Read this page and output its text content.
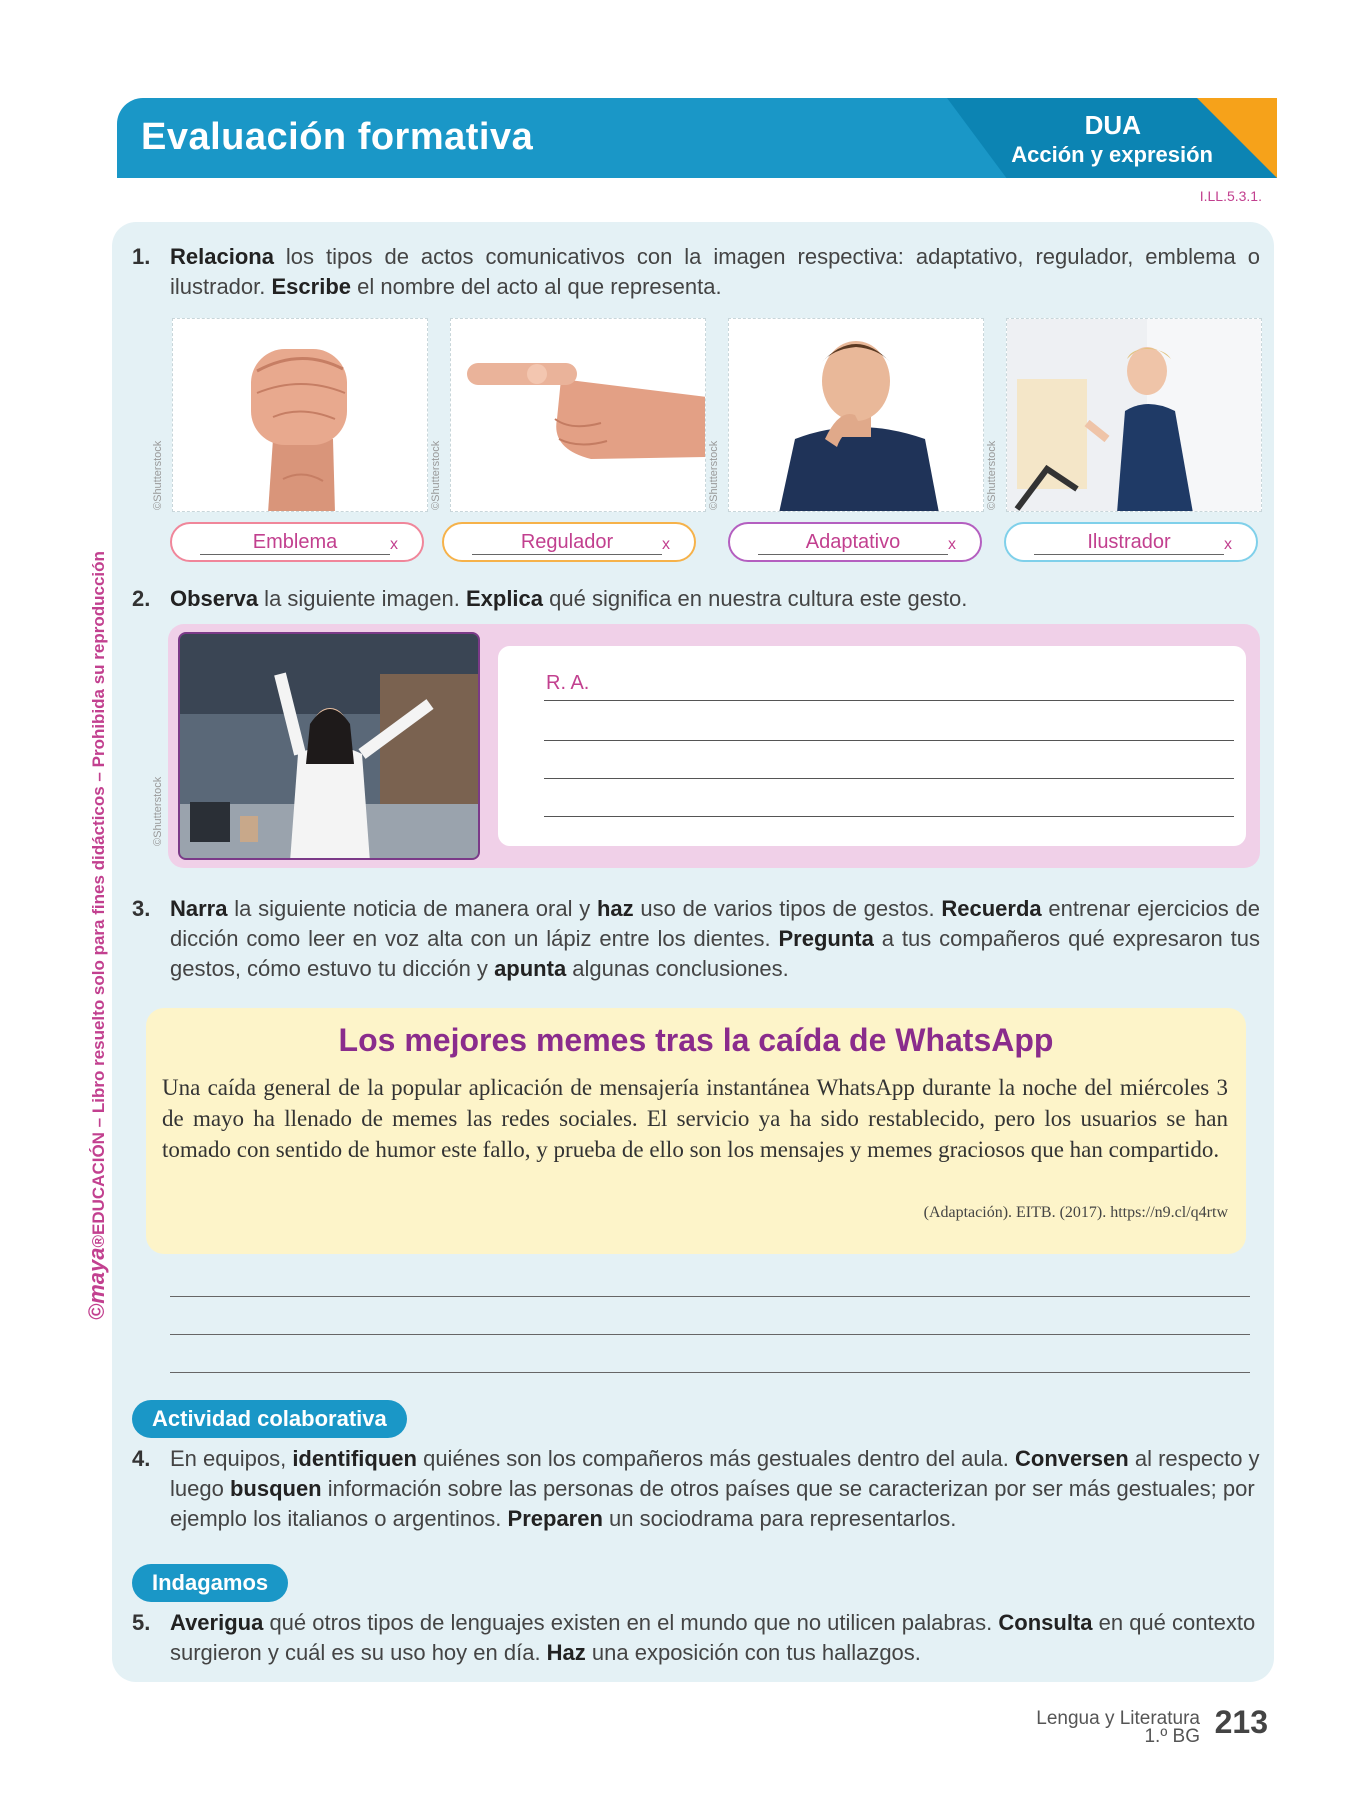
Evaluación formativa	DUA
Acción y expresión
I.LL.5.3.1.
©maya®EDUCACIÓN – Libro resuelto solo para fines didácticos – Prohibida su reproducción
1. Relaciona los tipos de actos comunicativos con la imagen respectiva: adaptativo, regulador, emblema o ilustrador. Escribe el nombre del acto al que representa.
©Shutterstock	©Shutterstock	©Shutterstock	©Shutterstock
Emblema	x	Regulador	x	Adaptativo	x	Ilustrador	x
2. Observa la siguiente imagen. Explica qué significa en nuestra cultura este gesto.
R. A.
©Shutterstock
3. Narra la siguiente noticia de manera oral y haz uso de varios tipos de gestos. Recuerda entrenar ejercicios de dicción como leer en voz alta con un lápiz entre los dientes. Pregunta a tus compañeros qué expresaron tus gestos, cómo estuvo tu dicción y apunta algunas conclusiones.
Los mejores memes tras la caída de WhatsApp
Una caída general de la popular aplicación de mensajería instantánea WhatsApp durante la noche del miércoles 3 de mayo ha llenado de memes las redes sociales. El servicio ya ha sido restablecido, pero los usuarios se han tomado con sentido de humor este fallo, y prueba de ello son los mensajes y memes graciosos que han compartido.
(Adaptación). EITB. (2017). https://n9.cl/q4rtw
Actividad colaborativa
4. En equipos, identifiquen quiénes son los compañeros más gestuales dentro del aula. Conversen al respecto y luego busquen información sobre las personas de otros países que se caracterizan por ser más gestuales; por ejemplo los italianos o argentinos. Preparen un sociodrama para representarlos.
Indagamos
5. Averigua qué otros tipos de lenguajes existen en el mundo que no utilicen palabras. Consulta en qué contexto surgieron y cuál es su uso hoy en día. Haz una exposición con tus hallazgos.
Lengua y Literatura
1.º BG 213
